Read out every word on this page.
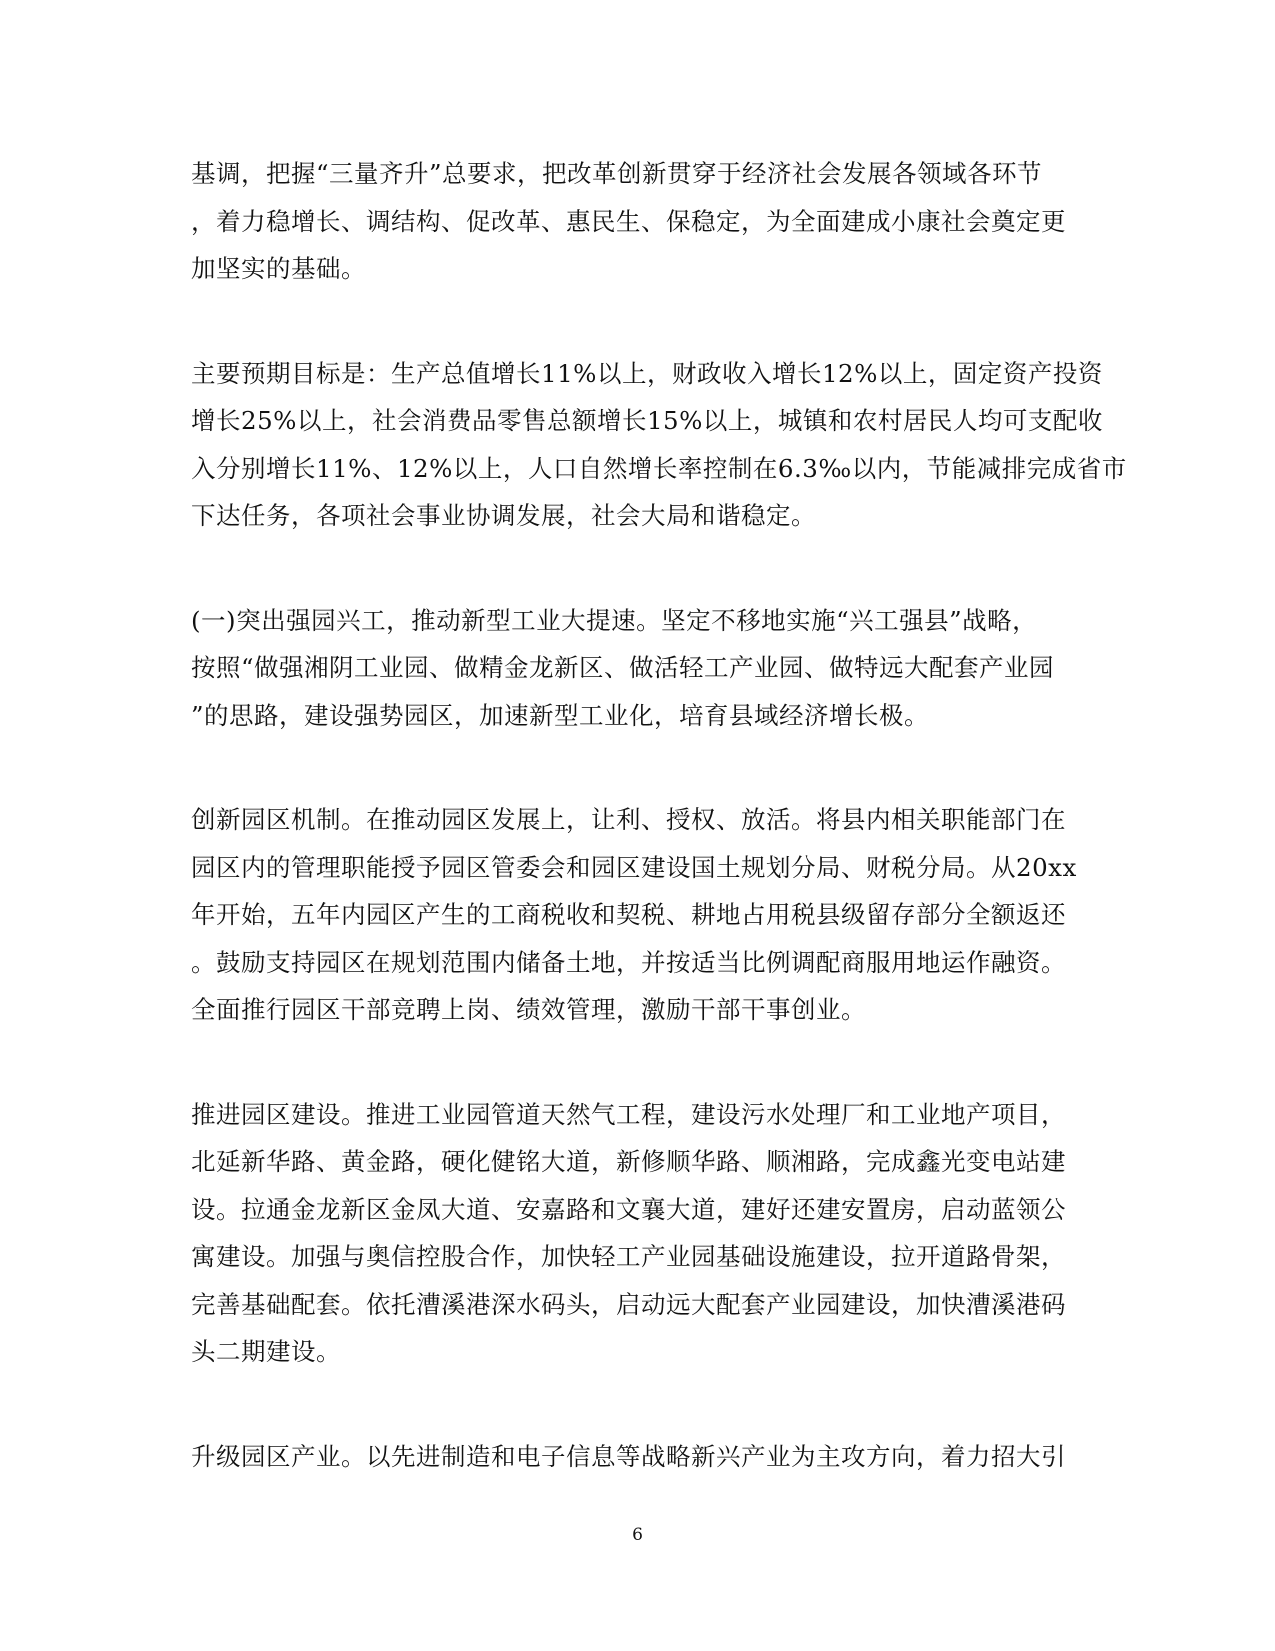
基调，把握“三量齐升”总要求，把改革创新贯穿于经济社会发展各领域各环节
，着力稳增长、调结构、促改革、惠民生、保稳定，为全面建成小康社会奠定更
加坚实的基础。
主要预期目标是：生产总值增长11%以上，财政收入增长12%以上，固定资产投资
增长25%以上，社会消费品零售总额增长15%以上，城镇和农村居民人均可支配收
入分别增长11%、12%以上，人口自然增长率控制在6.3‰以内，节能减排完成省市
下达任务，各项社会事业协调发展，社会大局和谐稳定。
(一)突出强园兴工，推动新型工业大提速。坚定不移地实施“兴工强县”战略，
按照“做强湘阴工业园、做精金龙新区、做活轻工产业园、做特远大配套产业园
”的思路，建设强势园区，加速新型工业化，培育县域经济增长极。
创新园区机制。在推动园区发展上，让利、授权、放活。将县内相关职能部门在
园区内的管理职能授予园区管委会和园区建设国土规划分局、财税分局。从20xx
年开始，五年内园区产生的工商税收和契税、耕地占用税县级留存部分全额返还
。鼓励支持园区在规划范围内储备土地，并按适当比例调配商服用地运作融资。
全面推行园区干部竞聘上岗、绩效管理，激励干部干事创业。
推进园区建设。推进工业园管道天然气工程，建设污水处理厂和工业地产项目，
北延新华路、黄金路，硬化健铭大道，新修顺华路、顺湘路，完成鑫光变电站建
设。拉通金龙新区金凤大道、安嘉路和文襄大道，建好还建安置房，启动蓝领公
寓建设。加强与奥信控股合作，加快轻工产业园基础设施建设，拉开道路骨架，
完善基础配套。依托漕溪港深水码头，启动远大配套产业园建设，加快漕溪港码
头二期建设。
升级园区产业。以先进制造和电子信息等战略新兴产业为主攻方向，着力招大引
6
